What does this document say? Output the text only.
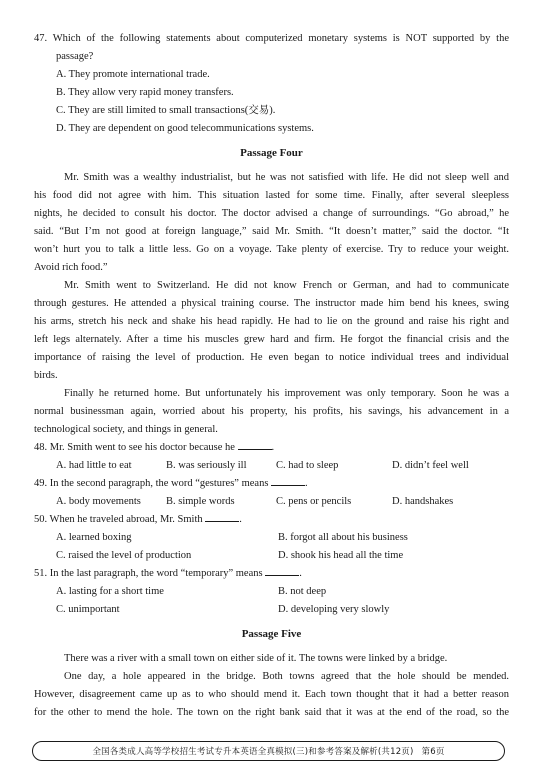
47. Which of the following statements about computerized monetary systems is NOT supported by the
passage?
A. They promote international trade.
B. They allow very rapid money transfers.
C. They are still limited to small transactions(交易).
D. They are dependent on good telecommunications systems.
Passage Four
Mr. Smith was a wealthy industrialist, but he was not satisfied with life. He did not sleep well and
his food did not agree with him. This situation lasted for some time. Finally, after several sleepless
nights, he decided to consult his doctor. The doctor advised a change of surroundings. “Go abroad,” he
said. “But I’m not good at foreign language,” said Mr. Smith. “It doesn’t matter,” said the doctor. “It
won’t hurt you to talk a little less. Go on a voyage. Take plenty of exercise. Try to reduce your weight.
Avoid rich food.”
Mr. Smith went to Switzerland. He did not know French or German, and had to communicate
through gestures. He attended a physical training course. The instructor made him bend his knees, swing
his arms, stretch his neck and shake his head rapidly. He had to lie on the ground and raise his right and
left legs alternately. After a time his muscles grew hard and firm. He forgot the financial crisis and the
importance of raising the level of production. He even began to notice individual trees and individual
birds.
Finally he returned home. But unfortunately his improvement was only temporary. Soon he was a
normal businessman again, worried about his property, his profits, his savings, his advancement in a
technological society, and things in general.
48. Mr. Smith went to see his doctor because he	.
A. had little to eat	B. was seriously ill	C. had to sleep	D. didn’t feel well
49. In the second paragraph, the word “gestures” means	.
A. body movements	B. simple words	C. pens or pencils	D. handshakes
50. When he traveled abroad, Mr. Smith	.
A. learned boxing	B. forgot all about his business
C. raised the level of production	D. shook his head all the time
51. In the last paragraph, the word “temporary” means	.
A. lasting for a short time	B. not deep
C. unimportant	D. developing very slowly
Passage Five
There was a river with a small town on either side of it. The towns were linked by a bridge.
One day, a hole appeared in the bridge. Both towns agreed that the hole should be mended.
However, disagreement came up as to who should mend it. Each town thought that it had a better reason
for the other to mend the hole. The town on the right bank said that it was at the end of the road, so the
全国各类成人高等学校招生考试专升本英语全真模拟(三)和参考答案及解析(共12页) 第6页
